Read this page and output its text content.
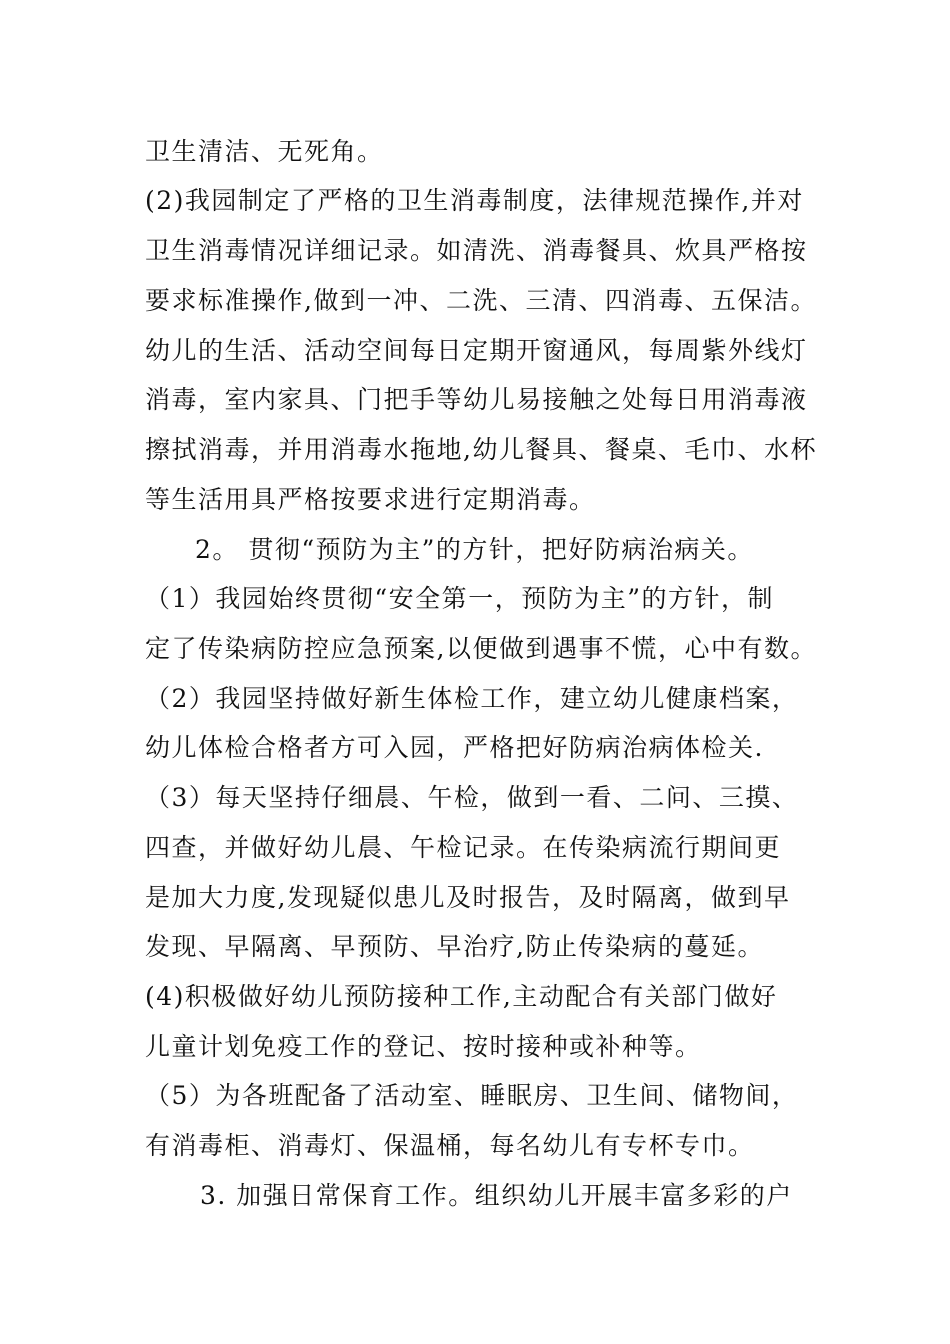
卫生清洁、无死角。
(2)我园制定了严格的卫生消毒制度，法律规范操作,并对
卫生消毒情况详细记录。如清洗、消毒餐具、炊具严格按
要求标准操作,做到一冲、二洗、三清、四消毒、五保洁。
幼儿的生活、活动空间每日定期开窗通风，每周紫外线灯
消毒，室内家具、门把手等幼儿易接触之处每日用消毒液
擦拭消毒，并用消毒水拖地,幼儿餐具、餐桌、毛巾、水杯
等生活用具严格按要求进行定期消毒。
2。 贯彻“预防为主”的方针，把好防病治病关。
（1）我园始终贯彻“安全第一，预防为主”的方针，制
定了传染病防控应急预案,以便做到遇事不慌，心中有数。
（2）我园坚持做好新生体检工作，建立幼儿健康档案，
幼儿体检合格者方可入园，严格把好防病治病体检关.
（3）每天坚持仔细晨、午检，做到一看、二问、三摸、
四查，并做好幼儿晨、午检记录。在传染病流行期间更
是加大力度,发现疑似患儿及时报告，及时隔离，做到早
发现、早隔离、早预防、早治疗,防止传染病的蔓延。
(4)积极做好幼儿预防接种工作,主动配合有关部门做好
儿童计划免疫工作的登记、按时接种或补种等。
（5）为各班配备了活动室、睡眠房、卫生间、储物间，
有消毒柜、消毒灯、保温桶，每名幼儿有专杯专巾。
3. 加强日常保育工作。组织幼儿开展丰富多彩的户
